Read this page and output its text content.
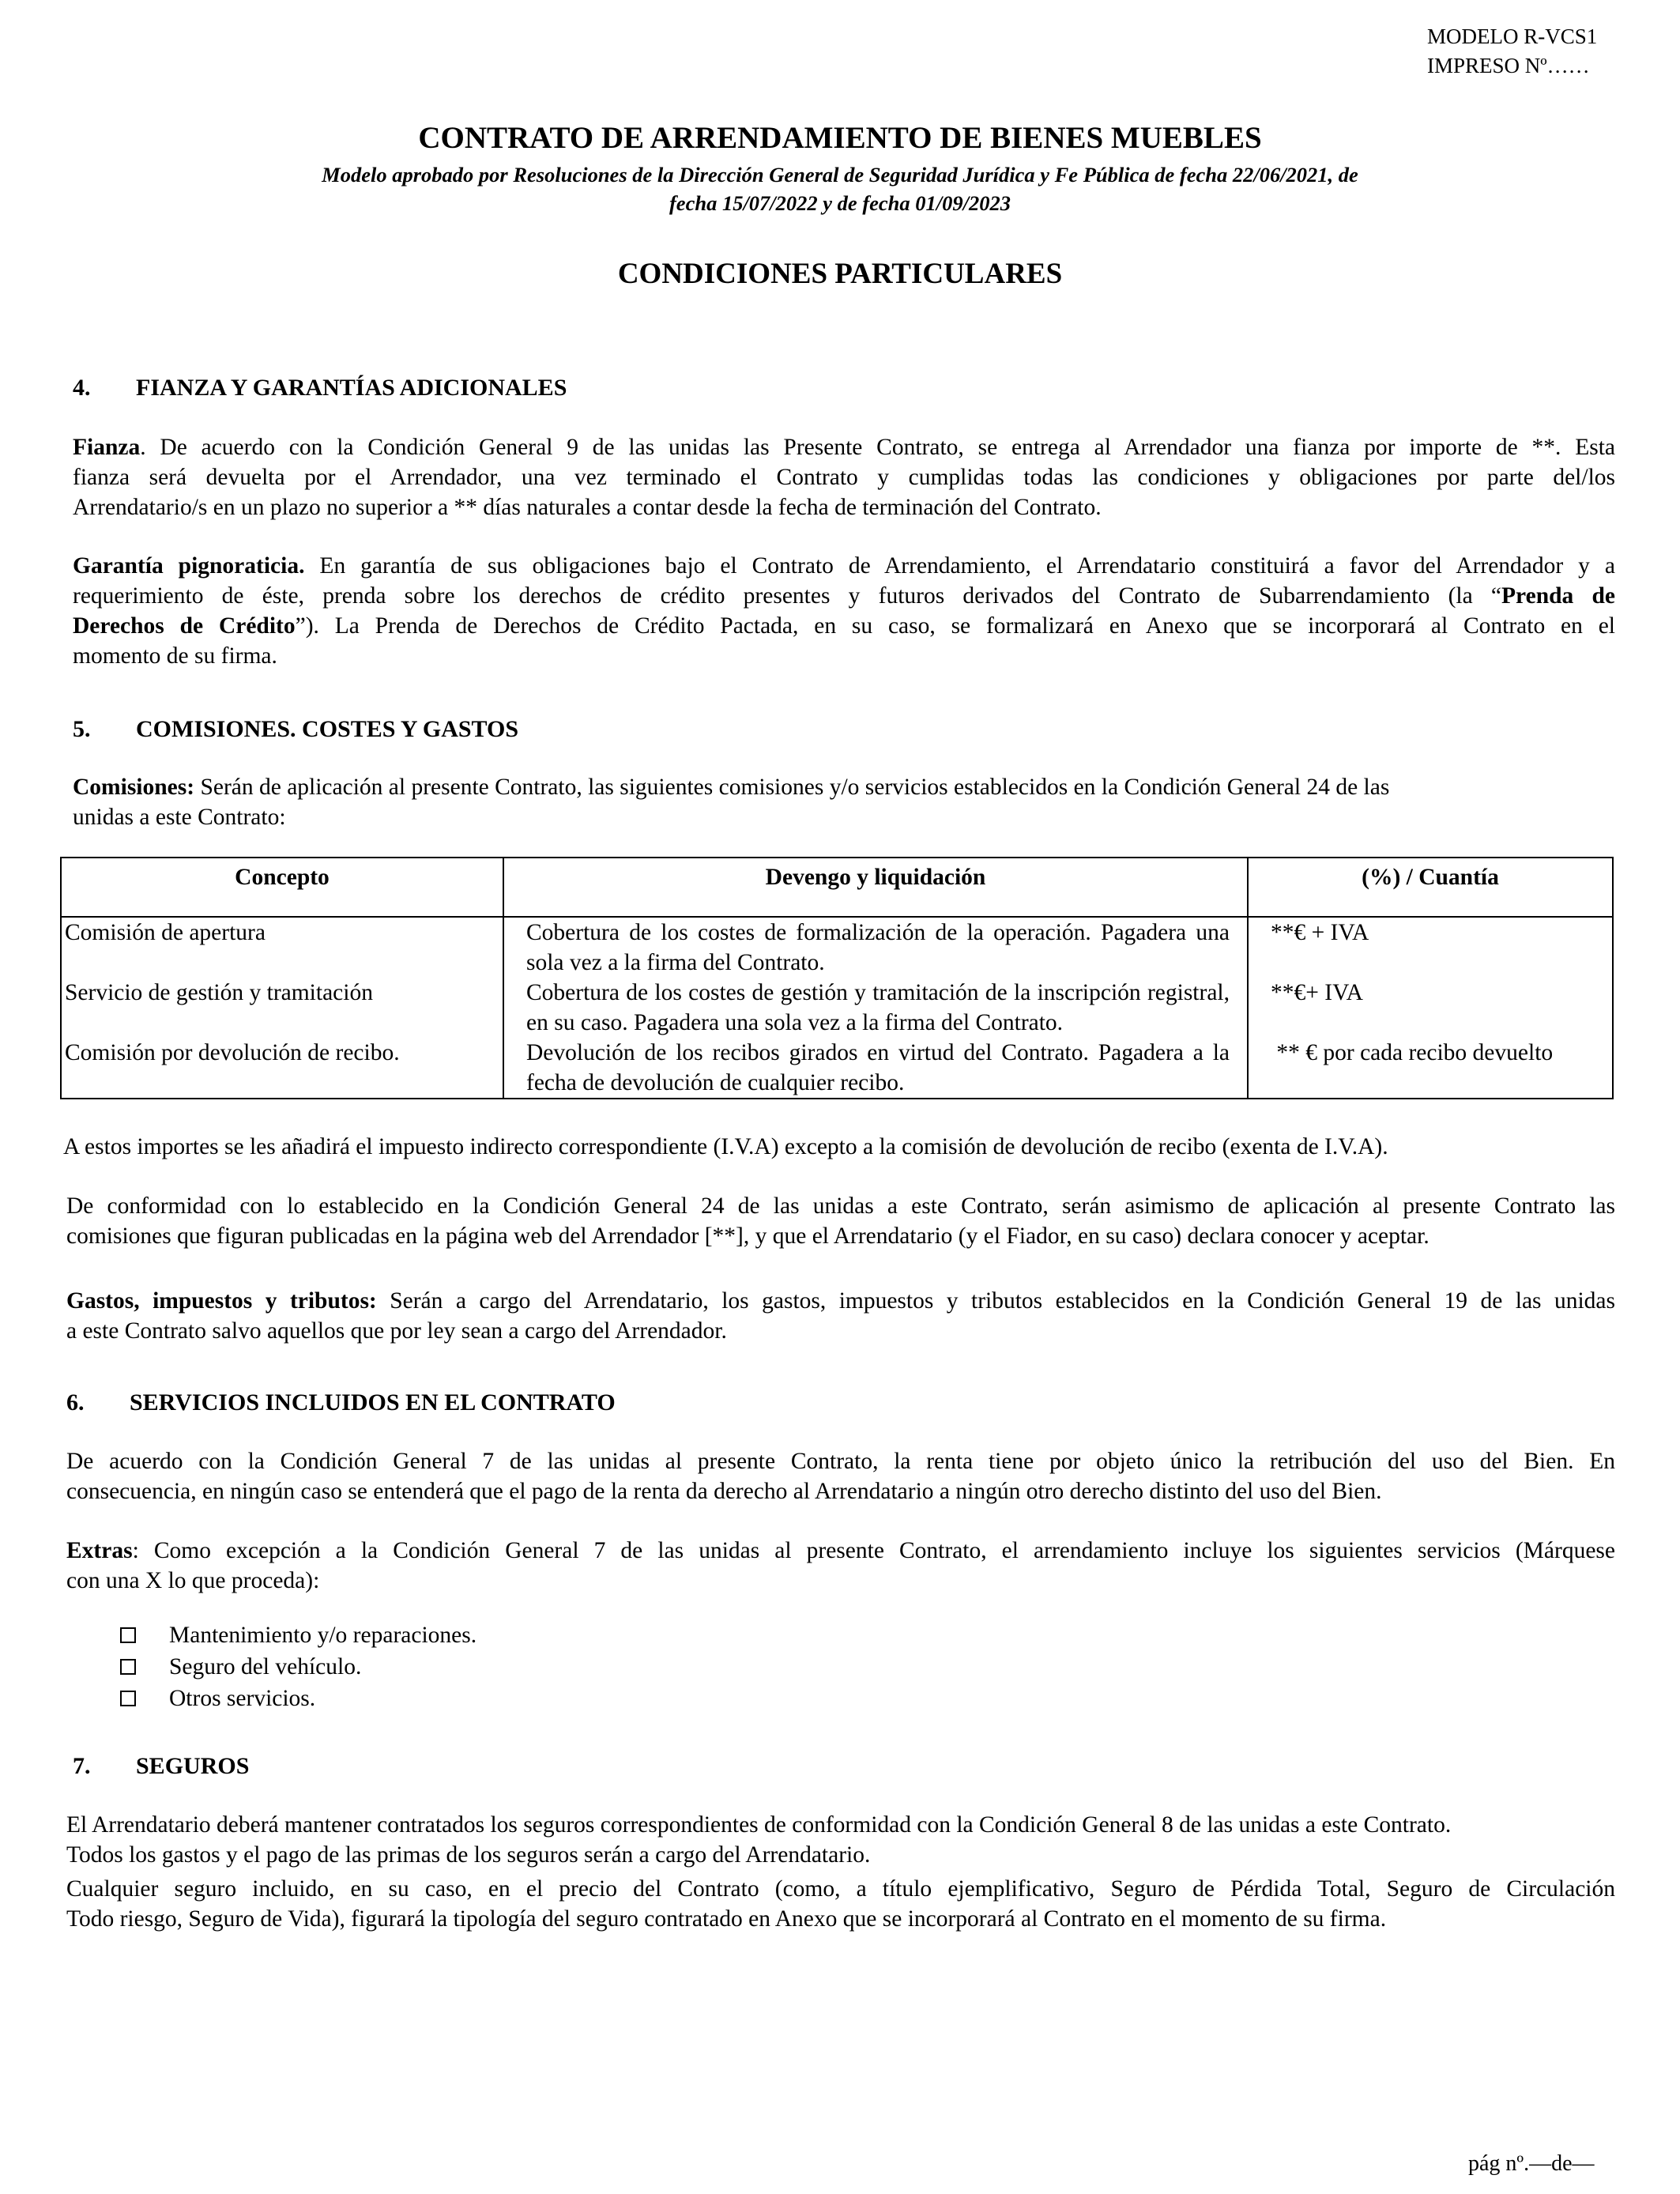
MODELO R-VCS1
IMPRESO Nº……
CONTRATO DE ARRENDAMIENTO DE BIENES MUEBLES
Modelo aprobado por Resoluciones de la Dirección General de Seguridad Jurídica y Fe Pública de fecha 22/06/2021, de
fecha 15/07/2022 y de fecha 01/09/2023
CONDICIONES PARTICULARES
4. FIANZA Y GARANTÍAS ADICIONALES
Fianza. De acuerdo con la Condición General 9 de las unidas las Presente Contrato, se entrega al Arrendador una fianza por importe de **. Esta
fianza será devuelta por el Arrendador, una vez terminado el Contrato y cumplidas todas las condiciones y obligaciones por parte del/los
Arrendatario/s en un plazo no superior a ** días naturales a contar desde la fecha de terminación del Contrato.
Garantía pignoraticia. En garantía de sus obligaciones bajo el Contrato de Arrendamiento, el Arrendatario constituirá a favor del Arrendador y a
requerimiento de éste, prenda sobre los derechos de crédito presentes y futuros derivados del Contrato de Subarrendamiento (la “Prenda de
Derechos de Crédito”). La Prenda de Derechos de Crédito Pactada, en su caso, se formalizará en Anexo que se incorporará al Contrato en el
momento de su firma.
5. COMISIONES. COSTES Y GASTOS
Comisiones: Serán de aplicación al presente Contrato, las siguientes comisiones y/o servicios establecidos en la Condición General 24 de las
unidas a este Contrato:
Concepto	Devengo y liquidación	(%) / Cuantía
Comisión de apertura	Cobertura de los costes de formalización de la operación. Pagadera una sola vez a la firma del Contrato.	**€ + IVA
Servicio de gestión y tramitación	Cobertura de los costes de gestión y tramitación de la inscripción registral, en su caso. Pagadera una sola vez a la firma del Contrato.	**€+ IVA
Comisión por devolución de recibo.	Devolución de los recibos girados en virtud del Contrato. Pagadera a la fecha de devolución de cualquier recibo.	** € por cada recibo devuelto
A estos importes se les añadirá el impuesto indirecto correspondiente (I.V.A) excepto a la comisión de devolución de recibo (exenta de I.V.A).
De conformidad con lo establecido en la Condición General 24 de las unidas a este Contrato, serán asimismo de aplicación al presente Contrato las
comisiones que figuran publicadas en la página web del Arrendador [**], y que el Arrendatario (y el Fiador, en su caso) declara conocer y aceptar.
Gastos, impuestos y tributos: Serán a cargo del Arrendatario, los gastos, impuestos y tributos establecidos en la Condición General 19 de las unidas
a este Contrato salvo aquellos que por ley sean a cargo del Arrendador.
6. SERVICIOS INCLUIDOS EN EL CONTRATO
De acuerdo con la Condición General 7 de las unidas al presente Contrato, la renta tiene por objeto único la retribución del uso del Bien. En
consecuencia, en ningún caso se entenderá que el pago de la renta da derecho al Arrendatario a ningún otro derecho distinto del uso del Bien.
Extras: Como excepción a la Condición General 7 de las unidas al presente Contrato, el arrendamiento incluye los siguientes servicios (Márquese
con una X lo que proceda):
Mantenimiento y/o reparaciones.
Seguro del vehículo.
Otros servicios.
7. SEGUROS
El Arrendatario deberá mantener contratados los seguros correspondientes de conformidad con la Condición General 8 de las unidas a este Contrato.
Todos los gastos y el pago de las primas de los seguros serán a cargo del Arrendatario.
Cualquier seguro incluido, en su caso, en el precio del Contrato (como, a título ejemplificativo, Seguro de Pérdida Total, Seguro de Circulación
Todo riesgo, Seguro de Vida), figurará la tipología del seguro contratado en Anexo que se incorporará al Contrato en el momento de su firma.
pág nº.—de—
